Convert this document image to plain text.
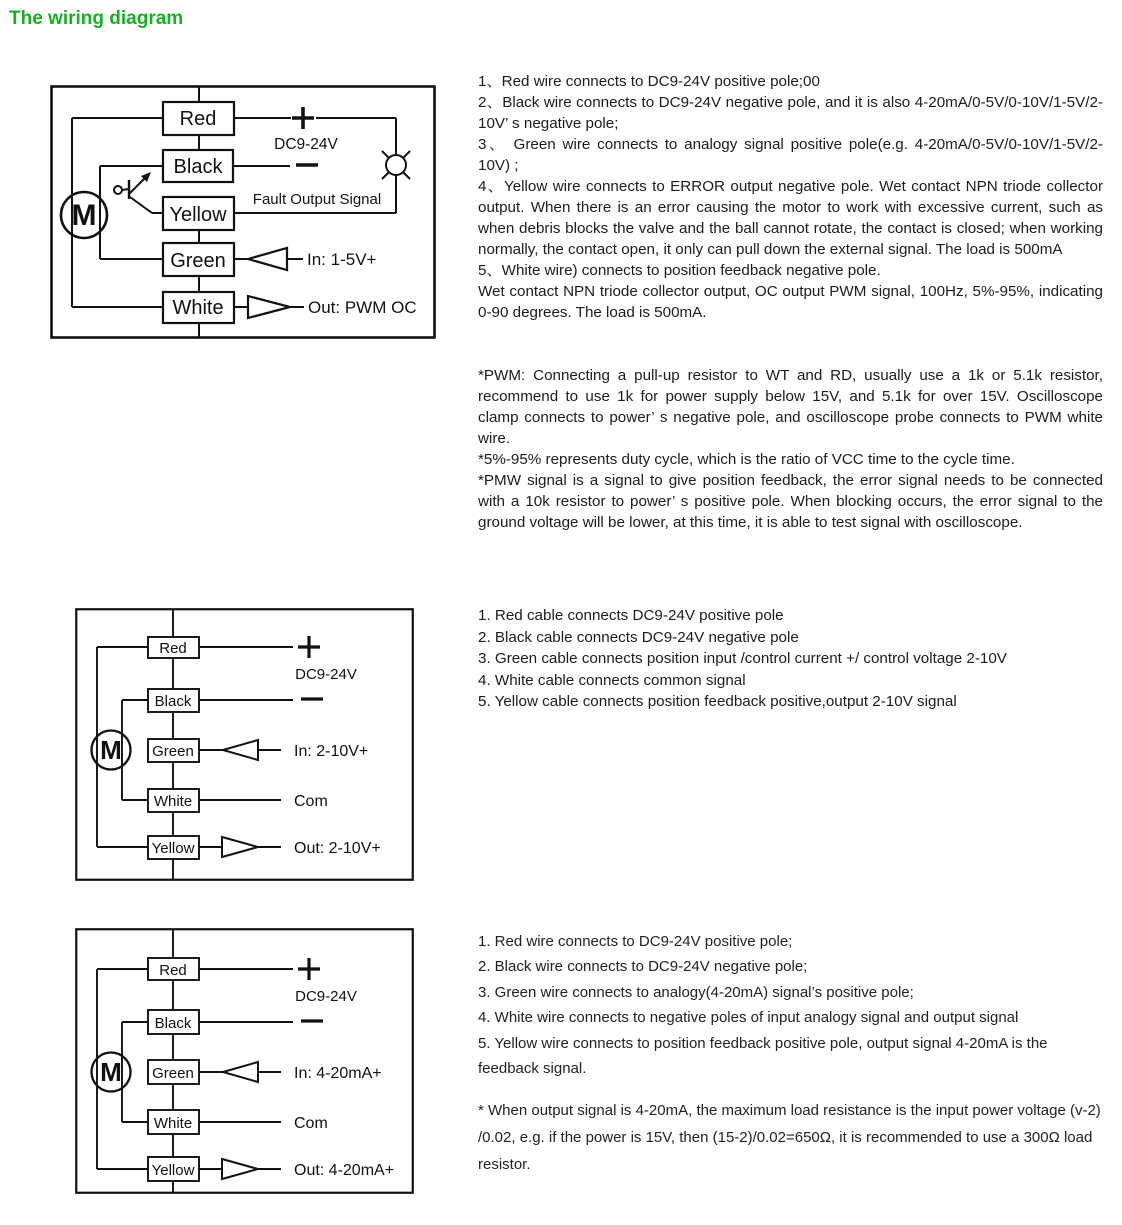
The wiring diagram
M
Red
Black
Yellow
Green
White
DC9-24V
Fault Output Signal
In: 1-5V+
Out: PWM OC
M
Red
Black
Green
White
Yellow
DC9-24V
In: 2-10V+
Com
Out: 2-10V+
M
Red
Black
Green
White
Yellow
DC9-24V
In: 4-20mA+
Com
Out: 4-20mA+

1、Red wire connects to DC9-24V positive pole;00

2、Black wire connects to DC9-24V negative pole, and it is also 4-20mA/0-5V/0-10V/1-5V/2-10V’ s negative pole;

3、 Green wire connects to analogy signal positive pole(e.g. 4-20mA/0-5V/0-10V/1-5V/2-10V) ;

4、Yellow wire connects to ERROR output negative pole. Wet contact NPN triode collector output. When there is an error causing the motor to work with excessive current, such as when debris blocks the valve and the ball cannot rotate, the contact is closed; when working normally, the contact open, it only can pull down the external signal. The load is 500mA

5、White wire) connects to position feedback negative pole.

Wet contact NPN triode collector output, OC output PWM signal, 100Hz, 5%-95%, indicating 0-90 degrees. The load is 500mA.

*PWM: Connecting a pull-up resistor to WT and RD, usually use a 1k or 5.1k resistor, recommend to use 1k for power supply below 15V, and 5.1k for over 15V. Oscilloscope clamp connects to power’ s negative pole, and oscilloscope probe connects to PWM white wire.

*5%-95% represents duty cycle, which is the ratio of VCC time to the cycle time.

*PMW signal is a signal to give position feedback, the error signal needs to be connected with a 10k resistor to power’ s positive pole. When blocking occurs, the error signal to the ground voltage will be lower, at this time, it is able to test signal with oscilloscope.

1. Red cable connects DC9-24V positive pole

2. Black cable connects DC9-24V negative pole

3. Green cable connects position input /control current +/ control voltage 2-10V

4. White cable connects common signal

5. Yellow cable connects position feedback positive,output 2-10V signal

1. Red wire connects to DC9-24V positive pole;

2. Black wire connects to DC9-24V negative pole;

3. Green wire connects to analogy(4-20mA) signal’s positive pole;

4. White wire connects to negative poles of input analogy signal and output signal

5. Yellow wire connects to position feedback positive pole, output signal 4-20mA is the feedback signal.

* When output signal is 4-20mA, the maximum load resistance is the input power voltage (v-2) /0.02, e.g. if the power is 15V, then (15-2)/0.02=650Ω, it is recommended to use a 300Ω load resistor.
